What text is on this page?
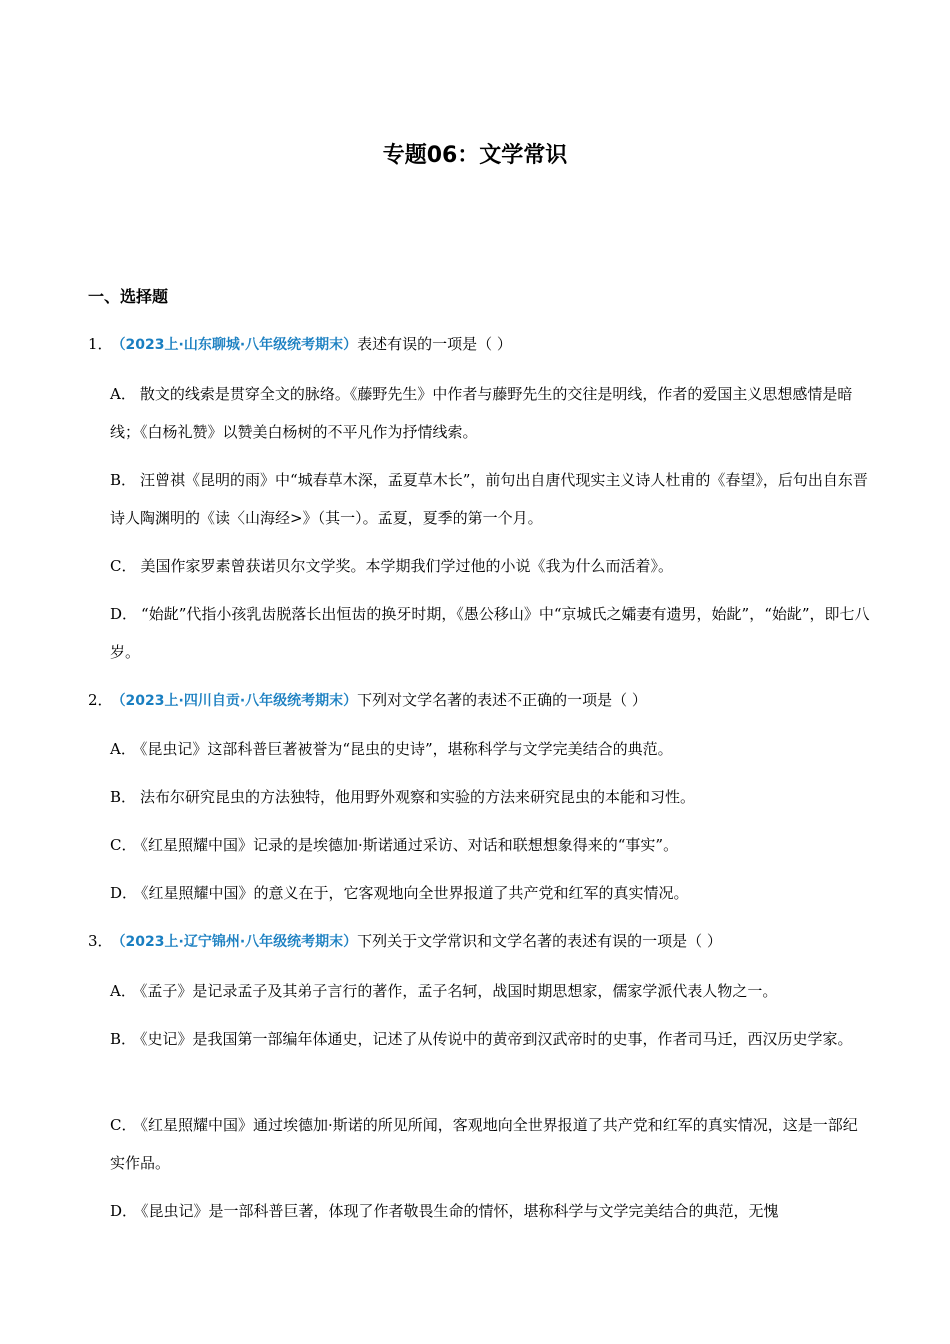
专题06：文学常识
一、选择题
1． （2023上·山东聊城·八年级统考期末）表述有误的一项是（ ）
A． 散文的线索是贯穿全文的脉络。《藤野先生》中作者与藤野先生的交往是明线，作者的爱国主义思想感情是暗线；《白杨礼赞》以赞美白杨树的不平凡作为抒情线索。
B． 汪曾祺《昆明的雨》中“城春草木深，孟夏草木长”，前句出自唐代现实主义诗人杜甫的《春望》，后句出自东晋诗人陶渊明的《读〈山海经>》（其一）。孟夏，夏季的第一个月。
C． 美国作家罗素曾获诺贝尔文学奖。本学期我们学过他的小说《我为什么而活着》。
D． “始龀”代指小孩乳齿脱落长出恒齿的换牙时期，《愚公移山》中“京城氏之孀妻有遗男，始龀”，“始龀”，即七八岁。
2． （2023上·四川自贡·八年级统考期末）下列对文学名著的表述不正确的一项是（ ）
A． 《昆虫记》这部科普巨著被誉为“昆虫的史诗”，堪称科学与文学完美结合的典范。
B． 法布尔研究昆虫的方法独特，他用野外观察和实验的方法来研究昆虫的本能和习性。
C． 《红星照耀中国》记录的是埃德加·斯诺通过采访、对话和联想想象得来的“事实”。
D． 《红星照耀中国》的意义在于，它客观地向全世界报道了共产党和红军的真实情况。
3． （2023上·辽宁锦州·八年级统考期末）下列关于文学常识和文学名著的表述有误的一项是（ ）
A． 《孟子》是记录孟子及其弟子言行的著作，孟子名轲，战国时期思想家，儒家学派代表人物之一。
B． 《史记》是我国第一部编年体通史，记述了从传说中的黄帝到汉武帝时的史事，作者司马迁，西汉历史学家。
C． 《红星照耀中国》通过埃德加·斯诺的所见所闻，客观地向全世界报道了共产党和红军的真实情况，这是一部纪实作品。
D． 《昆虫记》是一部科普巨著，体现了作者敬畏生命的情怀，堪称科学与文学完美结合的典范，无愧
